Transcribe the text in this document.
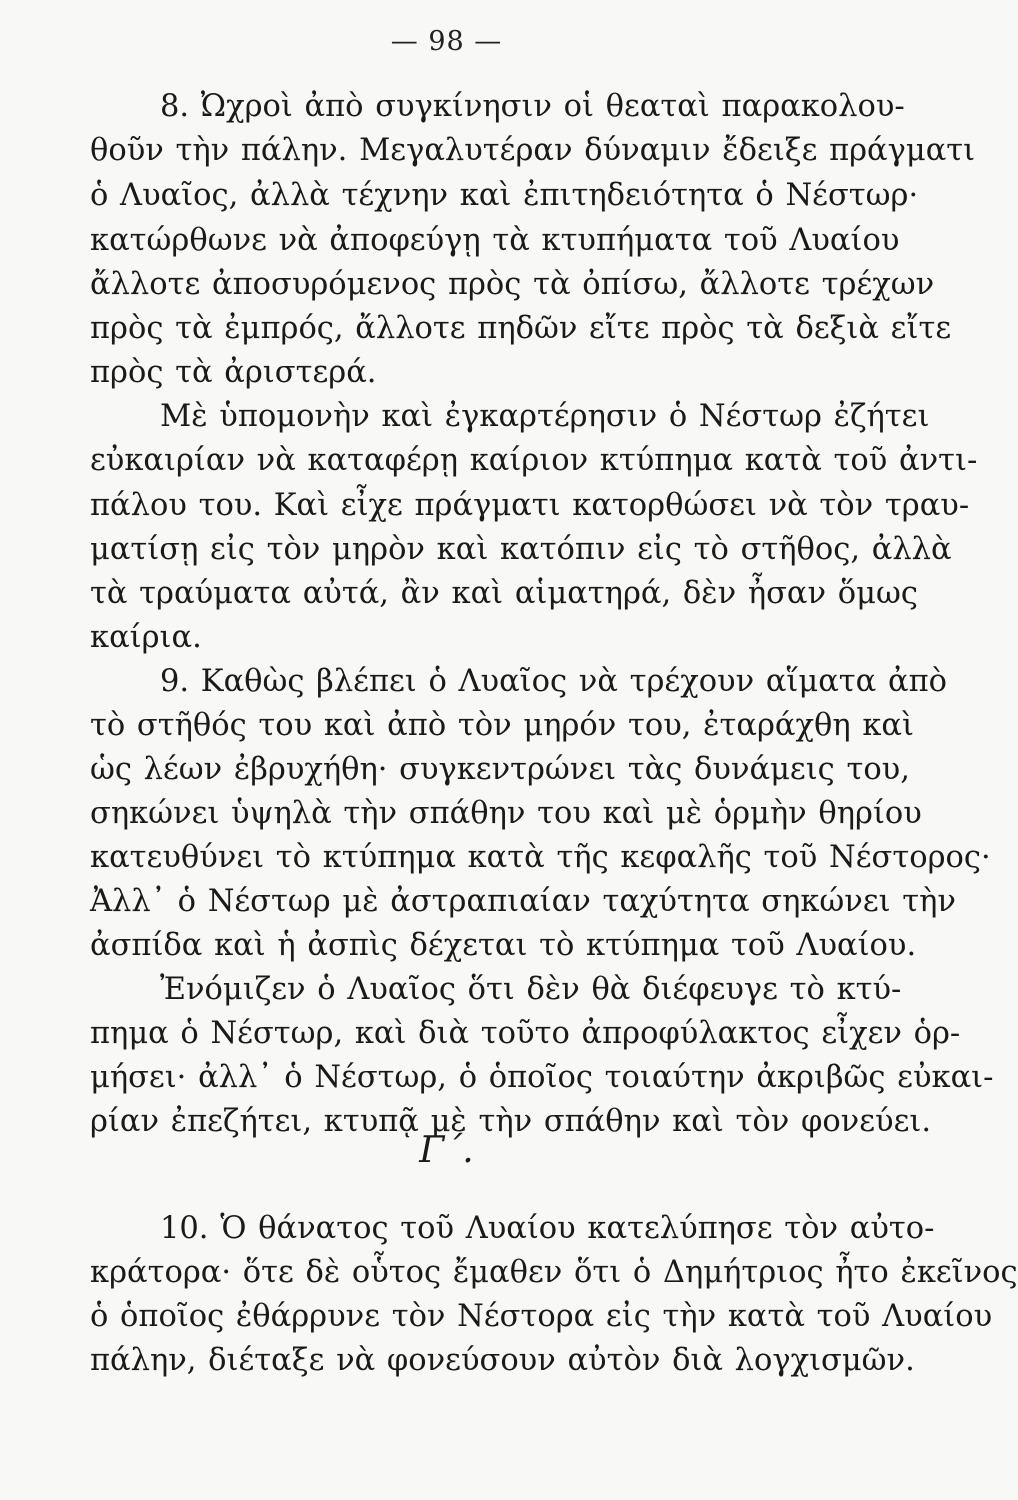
— 98 —
8. Ὠχροὶ ἀπὸ συγκίνησιν οἱ θεαταὶ παρακολου-
θοῦν τὴν πάλην. Μεγαλυτέραν δύναμιν ἔδειξε πράγματι
ὁ Λυαῖος, ἀλλὰ τέχνην καὶ ἐπιτηδειότητα ὁ Νέστωρ·
κατώρθωνε νὰ ἀποφεύγῃ τὰ κτυπήματα τοῦ Λυαίου
ἄλλοτε ἀποσυρόμενος πρὸς τὰ ὀπίσω, ἄλλοτε τρέχων
πρὸς τὰ ἐμπρός, ἄλλοτε πηδῶν εἴτε πρὸς τὰ δεξιὰ εἴτε
πρὸς τὰ ἀριστερά.
Μὲ ὑπομονὴν καὶ ἐγκαρτέρησιν ὁ Νέστωρ ἐζήτει
εὐκαιρίαν νὰ καταφέρῃ καίριον κτύπημα κατὰ τοῦ ἀντι-
πάλου του. Καὶ εἶχε πράγματι κατορθώσει νὰ τὸν τραυ-
ματίσῃ εἰς τὸν μηρὸν καὶ κατόπιν εἰς τὸ στῆθος, ἀλλὰ
τὰ τραύματα αὐτά, ἂν καὶ αἱματηρά, δὲν ἦσαν ὅμως
καίρια.
9. Καθὼς βλέπει ὁ Λυαῖος νὰ τρέχουν αἵματα ἀπὸ
τὸ στῆθός του καὶ ἀπὸ τὸν μηρόν του, ἐταράχθη καὶ
ὡς λέων ἐβρυχήθη· συγκεντρώνει τὰς δυνάμεις του,
σηκώνει ὑψηλὰ τὴν σπάθην του καὶ μὲ ὁρμὴν θηρίου
κατευθύνει τὸ κτύπημα κατὰ τῆς κεφαλῆς τοῦ Νέστορος·
Ἀλλ᾽ ὁ Νέστωρ μὲ ἀστραπιαίαν ταχύτητα σηκώνει τὴν
ἀσπίδα καὶ ἡ ἀσπὶς δέχεται τὸ κτύπημα τοῦ Λυαίου.
Ἐνόμιζεν ὁ Λυαῖος ὅτι δὲν θὰ διέφευγε τὸ κτύ-
πημα ὁ Νέστωρ, καὶ διὰ τοῦτο ἀπροφύλακτος εἶχεν ὁρ-
μήσει· ἀλλ᾽ ὁ Νέστωρ, ὁ ὁποῖος τοιαύτην ἀκριβῶς εὐκαι-
ρίαν ἐπεζήτει, κτυπᾷ μὲ τὴν σπάθην καὶ τὸν φονεύει.
Γ΄.
10. Ὁ θάνατος τοῦ Λυαίου κατελύπησε τὸν αὐτο-
κράτορα· ὅτε δὲ οὗτος ἔμαθεν ὅτι ὁ Δημήτριος ἦτο ἐκεῖνος
ὁ ὁποῖος ἐθάρρυνε τὸν Νέστορα εἰς τὴν κατὰ τοῦ Λυαίου
πάλην, διέταξε νὰ φονεύσουν αὐτὸν διὰ λογχισμῶν.
